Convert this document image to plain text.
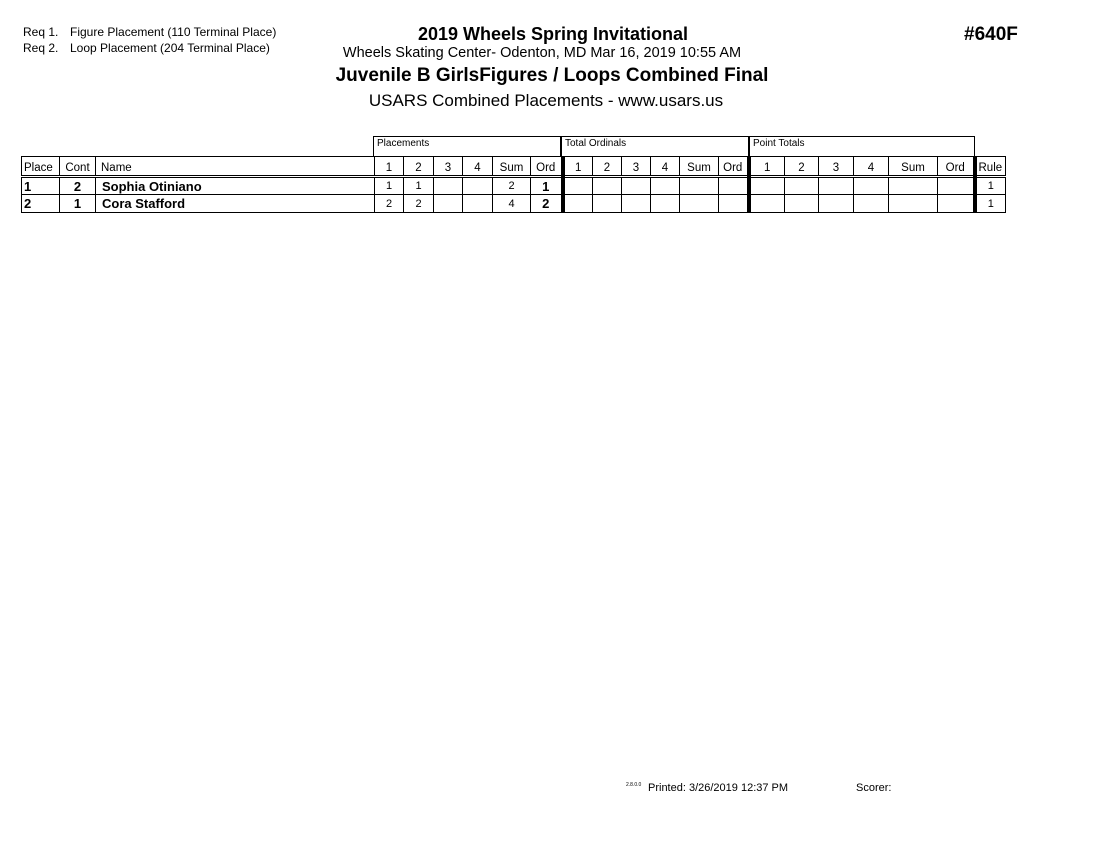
Req 1. Figure Placement (110 Terminal Place)
Req 2. Loop Placement (204 Terminal Place)
2019 Wheels Spring Invitational
Wheels Skating Center- Odenton, MD Mar 16, 2019 10:55 AM
Juvenile B GirlsFigures / Loops Combined Final
USARS Combined Placements - www.usars.us
#640F
Placements	Total Ordinals	Point Totals
Place	Cont	Name	1	2	3	4	Sum	Ord	1	2	3	4	Sum	Ord	1	2	3	4	Sum	Ord	Rule
1	2	Sophia Otiniano	1	1			2	1													1
2	1	Cora Stafford	2	2			4	2													1
2.8.0.0 Printed: 3/26/2019 12:37 PM	Scorer:
